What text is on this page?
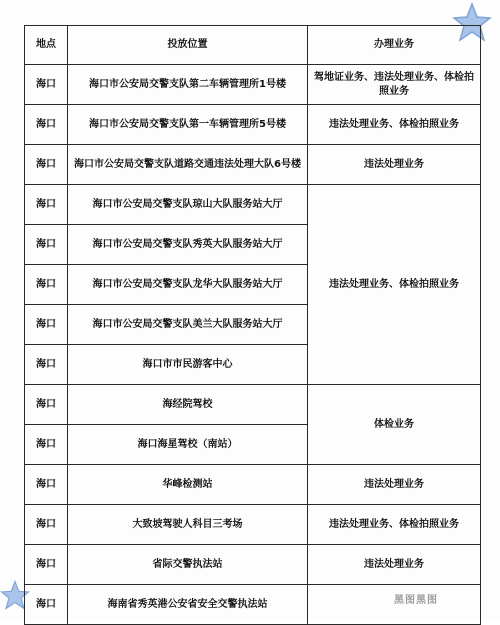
地点	投放位置	办理业务
海口	海口市公安局交警支队第二车辆管理所1号楼	驾地证业务、违法处理业务、体检拍照业务
海口	海口市公安局交警支队第一车辆管理所5号楼	违法处理业务、体检拍照业务
海口	海口市公安局交警支队道路交通违法处理大队6号楼	违法处理业务
海口	海口市公安局交警支队琼山大队服务站大厅	违法处理业务、体检拍照业务
海口	海口市公安局交警支队秀英大队服务站大厅	
海口	海口市公安局交警支队龙华大队服务站大厅	
海口	海口市公安局交警支队美兰大队服务站大厅	
海口	海口市市民游客中心	
海口	海经院驾校	体检业务
海口	海口海星驾校（南站）	
海口	华峰检测站	违法处理业务
海口	大致坡驾驶人科目三考场	违法处理业务、体检拍照业务
海口	省际交警执法站	违法处理业务
海口	海南省秀英港公安省安全交警执法站		黑图黑图
